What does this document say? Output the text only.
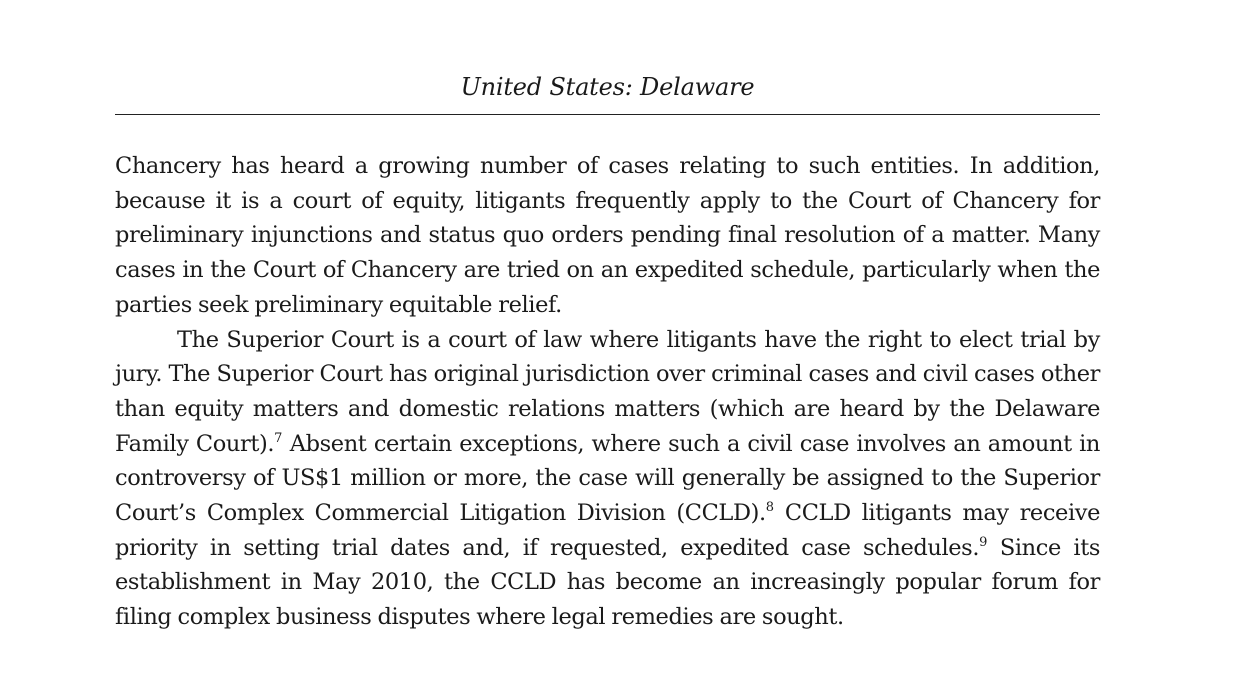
United States: Delaware

Chancery has heard a growing number of cases relating to such entities. In addition, because it is a court of equity, litigants frequently apply to the Court of Chancery for preliminary injunctions and status quo orders pending final resolution of a matter. Many cases in the Court of Chancery are tried on an expedited schedule, particularly when the parties seek preliminary equitable relief.

The Superior Court is a court of law where litigants have the right to elect trial by jury. The Superior Court has original jurisdiction over criminal cases and civil cases other than equity matters and domestic relations matters (which are heard by the Delaware Family Court).$^7$ Absent certain exceptions, where such a civil case involves an amount in controversy of US$1 million or more, the case will generally be assigned to the Superior Court’s Complex Commercial Litigation Division (CCLD).$^8$ CCLD litigants may receive priority in setting trial dates and, if requested, expedited case schedules.$^9$ Since its establishment in May 2010, the CCLD has become an increasingly popular forum for filing complex business disputes where legal remedies are sought.
